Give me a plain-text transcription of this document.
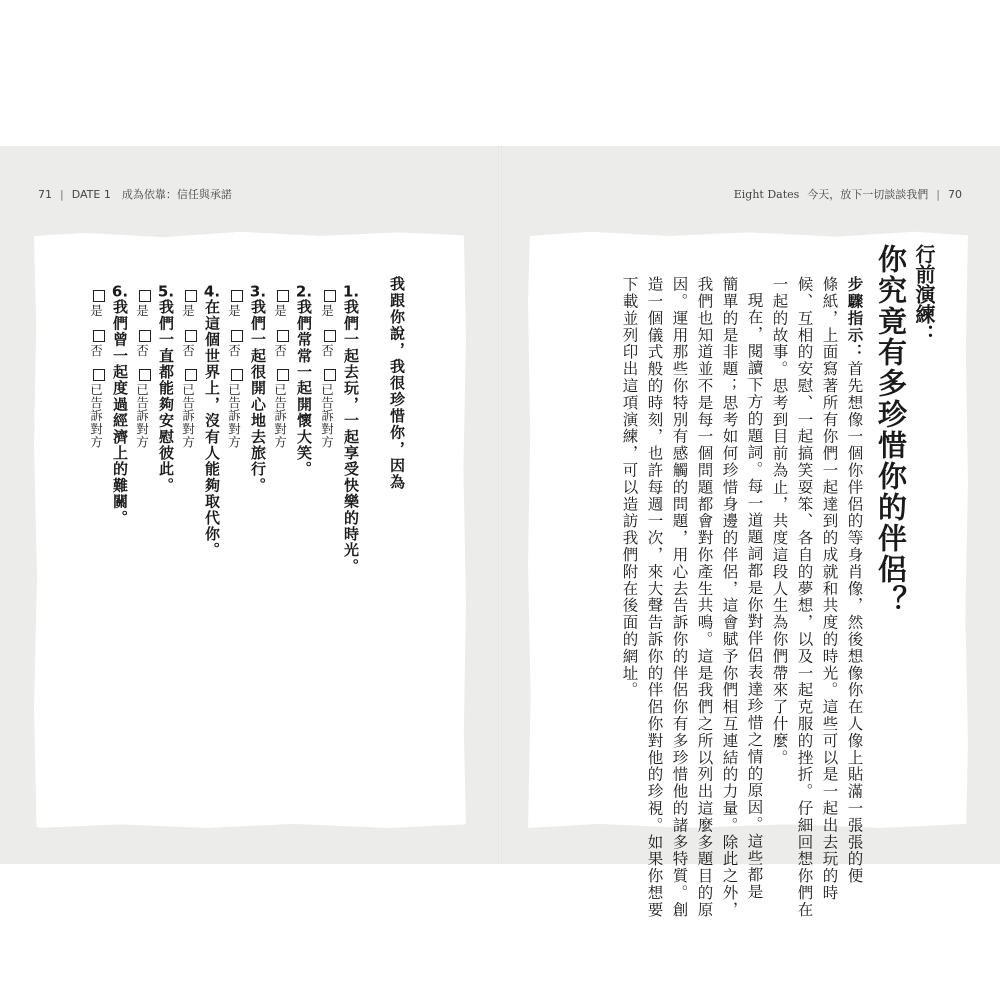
71 | DATE 1　成為依靠：信任與承諾	Eight Dates 今天，放下一切談談我們 | 70
行前演練：
你究竟有多珍惜你的伴侶？
步驟指示：首先想像一個你伴侶的等身肖像，然後想像你在人像上貼滿一張張的便
條紙，上面寫著所有你們一起達到的成就和共度的時光。這些可以是一起出去玩的時
候、互相的安慰、一起搞笑耍笨、各自的夢想，以及一起克服的挫折。仔細回想你們在
一起的故事。思考到目前為止，共度這段人生為你們帶來了什麼。
現在，閱讀下方的題詞。每一道題詞都是你對伴侶表達珍惜之情的原因。這些都是
簡單的是非題；思考如何珍惜身邊的伴侶，這會賦予你們相互連結的力量。除此之外，
我們也知道並不是每一個問題都會對你產生共鳴。這是我們之所以列出這麼多題目的原
因。運用那些你特別有感觸的問題，用心去告訴你的伴侶你有多珍惜他的諸多特質。創
造一個儀式般的時刻，也許每週一次，來大聲告訴你的伴侶你對他的珍視。如果你想要
下載並列印出這項演練，可以造訪我們附在後面的網址。
我跟你說，我很珍惜你，因為
1.我們一起去玩，一起享受快樂的時光。
是 否 已告訴對方
2.我們常常一起開懷大笑。
是 否 已告訴對方
3.我們一起很開心地去旅行。
是 否 已告訴對方
4.在這個世界上，沒有人能夠取代你。
是 否 已告訴對方
5.我們一直都能夠安慰彼此。
是 否 已告訴對方
6.我們曾一起度過經濟上的難關。
是 否 已告訴對方
